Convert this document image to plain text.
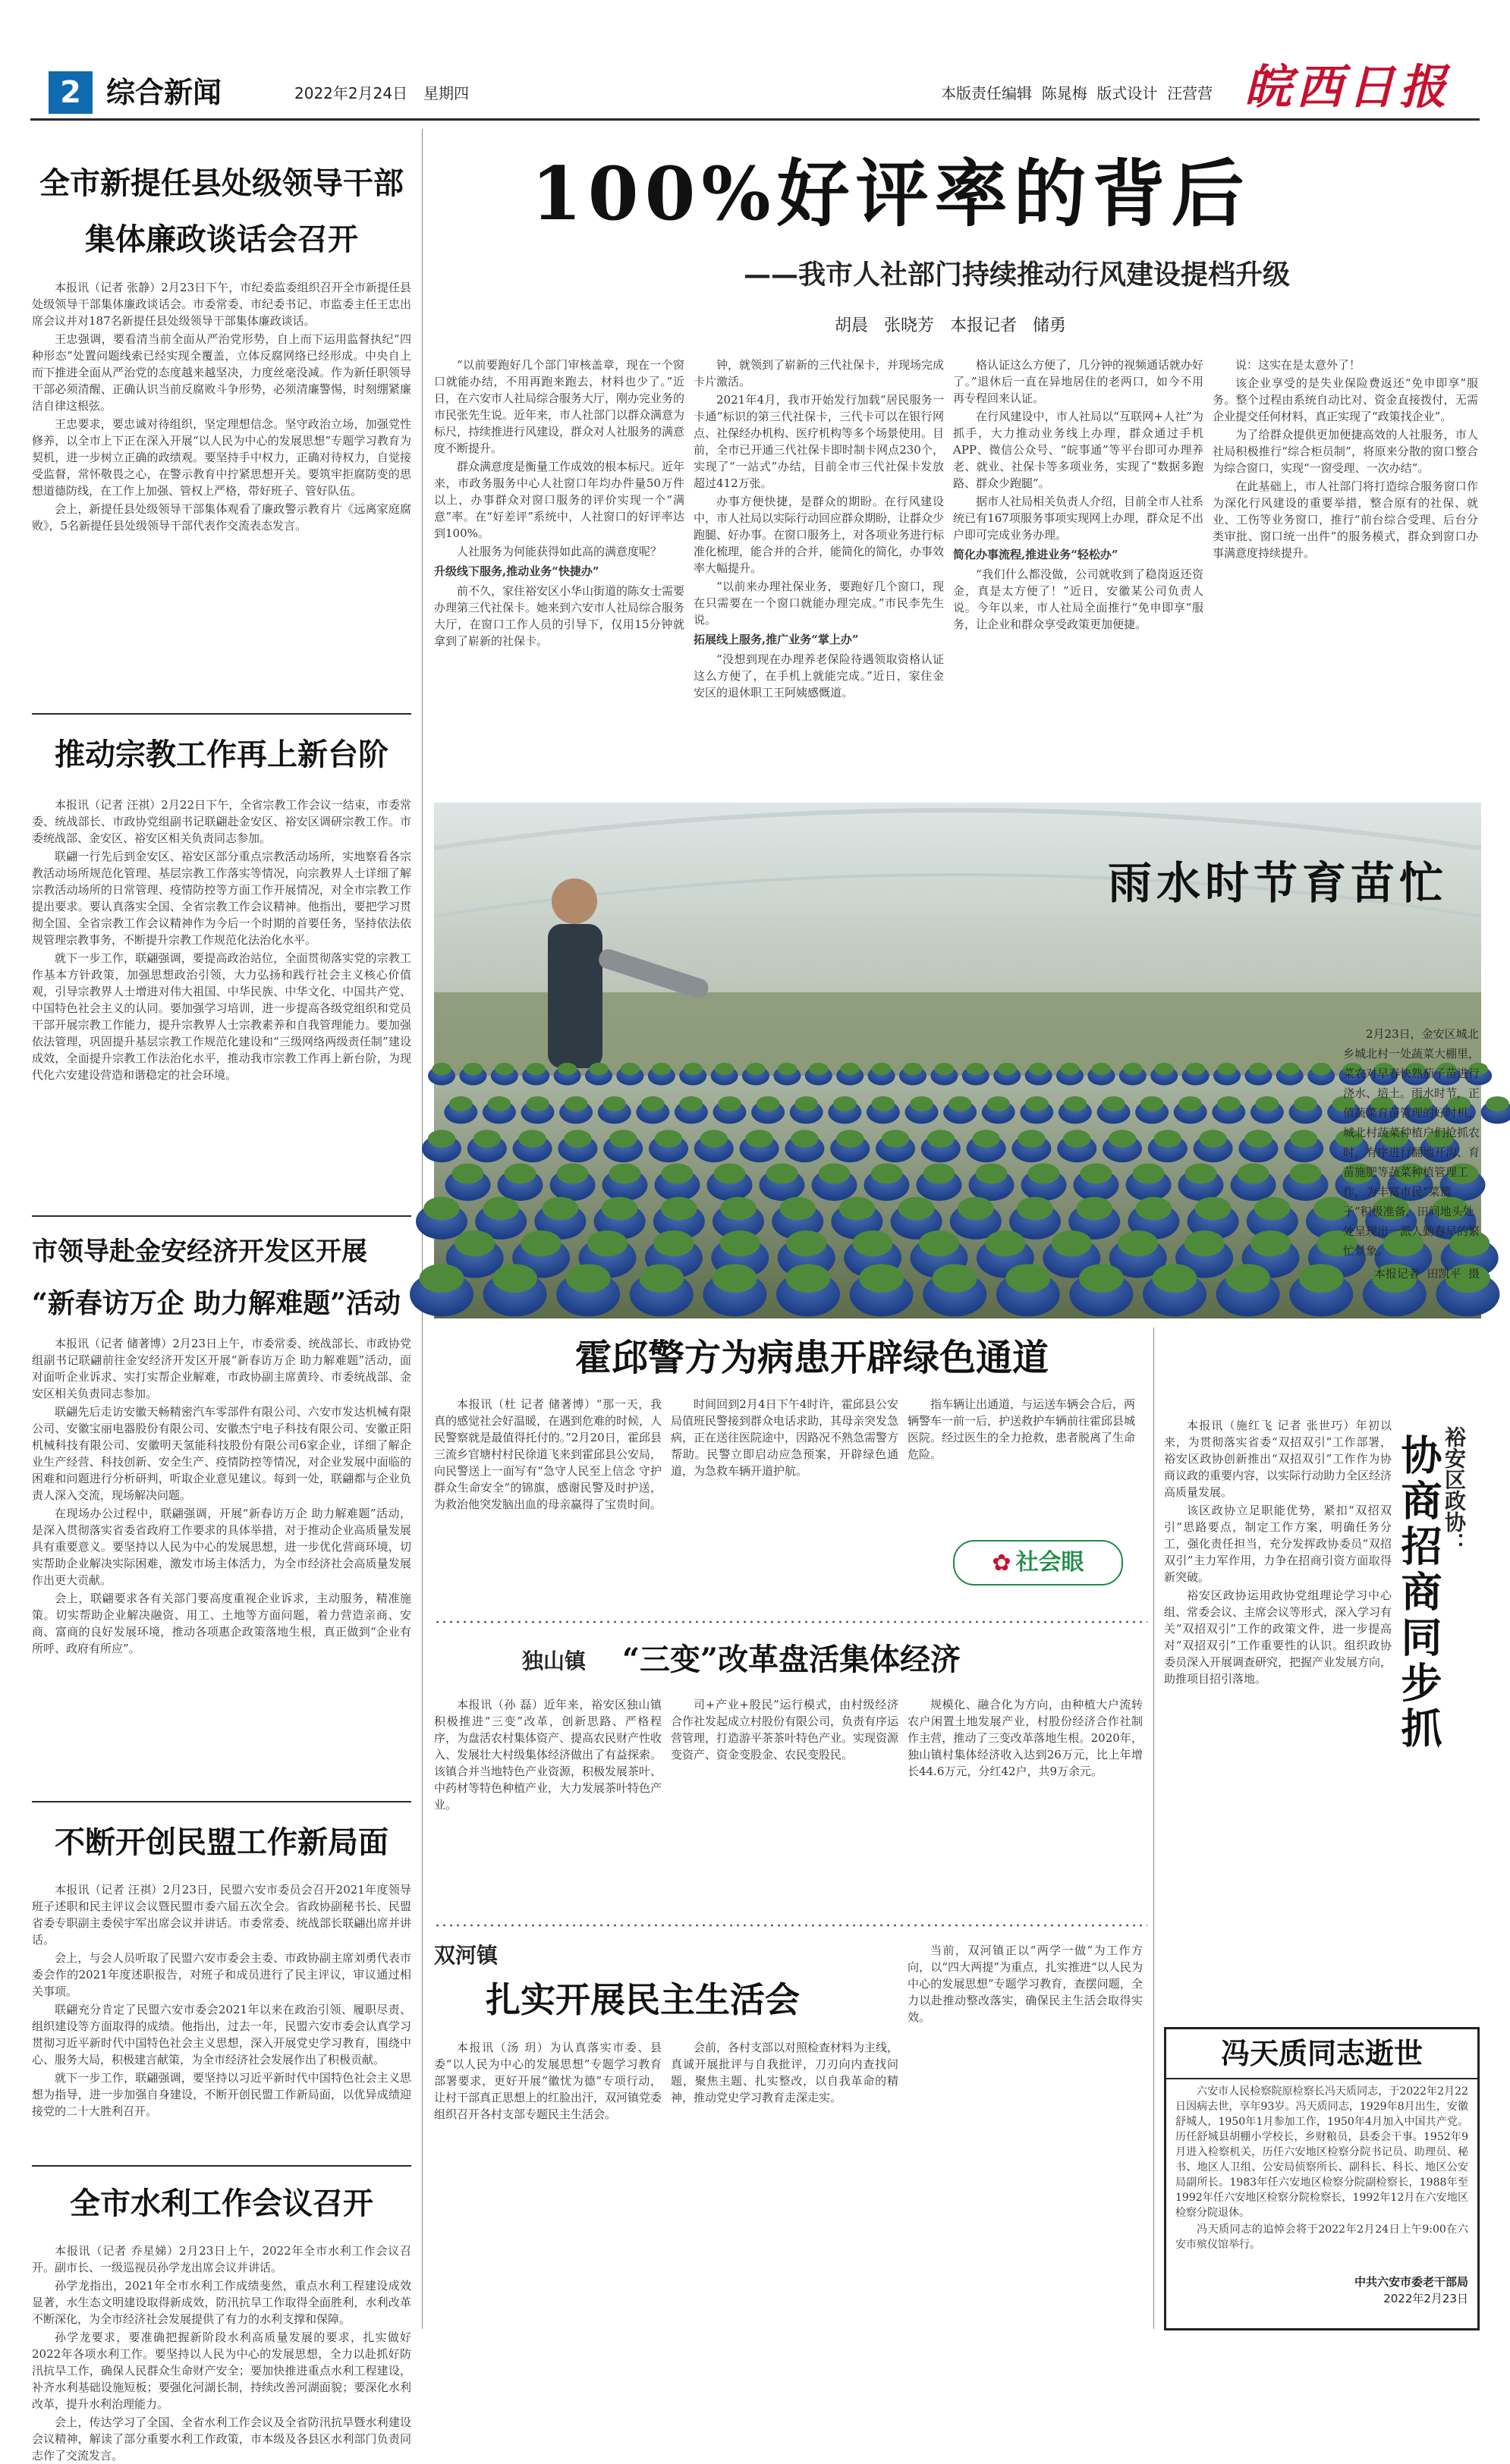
2 综合新闻	2022年2月24日 星期四	本版责任编辑  陈晁梅  版式设计  汪营营 皖西日报
全市新提任县处级领导干部
集体廉政谈话会召开

本报讯（记者 张静）2月23日下午，市纪委监委组织召开全市新提任县处级领导干部集体廉政谈话会。市委常委、市纪委书记、市监委主任王忠出席会议并对187名新提任县处级领导干部集体廉政谈话。

王忠强调，要看清当前全面从严治党形势，自上而下运用监督执纪“四种形态”处置问题线索已经实现全覆盖，立体反腐网络已经形成。中央自上而下推进全面从严治党的态度越来越坚决，力度丝毫没减。作为新任职领导干部必须清醒、正确认识当前反腐败斗争形势，必须清廉警惕，时刻绷紧廉洁自律这根弦。

王忠要求，要忠诚对待组织，坚定理想信念。坚守政治立场，加强党性修养，以全市上下正在深入开展“以人民为中心的发展思想”专题学习教育为契机，进一步树立正确的政绩观。要坚持手中权力，正确对待权力，自觉接受监督，常怀敬畏之心，在警示教育中拧紧思想开关。要筑牢拒腐防变的思想道德防线，在工作上加强、管权上严格，带好班子、管好队伍。

会上，新提任县处级领导干部集体观看了廉政警示教育片《远离家庭腐败》，5名新提任县处级领导干部代表作交流表态发言。

推动宗教工作再上新台阶

本报讯（记者 汪祺）2月22日下午，全省宗教工作会议一结束，市委常委、统战部长、市政协党组副书记联翩赴金安区、裕安区调研宗教工作。市委统战部、金安区、裕安区相关负责同志参加。

联翩一行先后到金安区、裕安区部分重点宗教活动场所，实地察看各宗教活动场所规范化管理、基层宗教工作落实等情况，向宗教界人士详细了解宗教活动场所的日常管理、疫情防控等方面工作开展情况，对全市宗教工作提出要求。要认真落实全国、全省宗教工作会议精神。他指出，要把学习贯彻全国、全省宗教工作会议精神作为今后一个时期的首要任务，坚持依法依规管理宗教事务，不断提升宗教工作规范化法治化水平。

就下一步工作，联翩强调，要提高政治站位，全面贯彻落实党的宗教工作基本方针政策，加强思想政治引领，大力弘扬和践行社会主义核心价值观，引导宗教界人士增进对伟大祖国、中华民族、中华文化、中国共产党、中国特色社会主义的认同。要加强学习培训，进一步提高各级党组织和党员干部开展宗教工作能力，提升宗教界人士宗教素养和自我管理能力。要加强依法管理，巩固提升基层宗教工作规范化建设和“三级网络两级责任制”建设成效，全面提升宗教工作法治化水平，推动我市宗教工作再上新台阶，为现代化六安建设营造和谐稳定的社会环境。

市领导赴金安经济开发区开展
“新春访万企 助力解难题”活动

本报讯（记者 储著博）2月23日上午，市委常委、统战部长、市政协党组副书记联翩前往金安经济开发区开展“新春访万企 助力解难题”活动，面对面听企业诉求、实打实帮企业解难，市政协副主席黄玲、市委统战部、金安区相关负责同志参加。

联翩先后走访安徽天畅精密汽车零部件有限公司、六安市发达机械有限公司、安徽宝丽电器股份有限公司、安徽杰宁电子科技有限公司、安徽正阳机械科技有限公司、安徽明天氢能科技股份有限公司6家企业，详细了解企业生产经营、科技创新、安全生产、疫情防控等情况，对企业发展中面临的困难和问题进行分析研判，听取企业意见建议。每到一处，联翩都与企业负责人深入交流，现场解决问题。

在现场办公过程中，联翩强调，开展“新春访万企 助力解难题”活动，是深入贯彻落实省委省政府工作要求的具体举措，对于推动企业高质量发展具有重要意义。要坚持以人民为中心的发展思想，进一步优化营商环境，切实帮助企业解决实际困难，激发市场主体活力，为全市经济社会高质量发展作出更大贡献。

会上，联翩要求各有关部门要高度重视企业诉求，主动服务，精准施策。切实帮助企业解决融资、用工、土地等方面问题，着力营造亲商、安商、富商的良好发展环境，推动各项惠企政策落地生根，真正做到“企业有所呼、政府有所应”。

不断开创民盟工作新局面

本报讯（记者 汪祺）2月23日，民盟六安市委员会召开2021年度领导班子述职和民主评议会议暨民盟市委六届五次全会。省政协副秘书长、民盟省委专职副主委侯宇军出席会议并讲话。市委常委、统战部长联翩出席并讲话。

会上，与会人员听取了民盟六安市委会主委、市政协副主席刘勇代表市委会作的2021年度述职报告，对班子和成员进行了民主评议，审议通过相关事项。

联翩充分肯定了民盟六安市委会2021年以来在政治引领、履职尽责、组织建设等方面取得的成绩。他指出，过去一年，民盟六安市委会认真学习贯彻习近平新时代中国特色社会主义思想，深入开展党史学习教育，围绕中心、服务大局，积极建言献策，为全市经济社会发展作出了积极贡献。

就下一步工作，联翩强调，要坚持以习近平新时代中国特色社会主义思想为指导，进一步加强自身建设，不断开创民盟工作新局面，以优异成绩迎接党的二十大胜利召开。

全市水利工作会议召开

本报讯（记者 乔星娣）2月23日上午，2022年全市水利工作会议召开。副市长、一级巡视员孙学龙出席会议并讲话。

孙学龙指出，2021年全市水利工作成绩斐然，重点水利工程建设成效显著，水生态文明建设取得新成效，防汛抗旱工作取得全面胜利，水利改革不断深化，为全市经济社会发展提供了有力的水利支撑和保障。

孙学龙要求，要准确把握新阶段水利高质量发展的要求，扎实做好2022年各项水利工作。要坚持以人民为中心的发展思想，全力以赴抓好防汛抗旱工作，确保人民群众生命财产安全；要加快推进重点水利工程建设，补齐水利基础设施短板；要强化河湖长制，持续改善河湖面貌；要深化水利改革，提升水利治理能力。

会上，传达学习了全国、全省水利工作会议及全省防汛抗旱暨水利建设会议精神，解读了部分重要水利工作政策，市本级及各县区水利部门负责同志作了交流发言。

100%好评率的背后
——我市人社部门持续推动行风建设提档升级
胡晨   张晓芳   本报记者   储勇

“以前要跑好几个部门审核盖章，现在一个窗口就能办结，不用再跑来跑去，材料也少了。”近日，在六安市人社局综合服务大厅，刚办完业务的市民张先生说。近年来，市人社部门以群众满意为标尺，持续推进行风建设，群众对人社服务的满意度不断提升。

群众满意度是衡量工作成效的根本标尺。近年来，市政务服务中心人社窗口年均办件量50万件以上，办事群众对窗口服务的评价实现一个“满意”率。在“好差评”系统中，人社窗口的好评率达到100%。

人社服务为何能获得如此高的满意度呢？

升级线下服务,推动业务“快捷办”

前不久，家住裕安区小华山街道的陈女士需要办理第三代社保卡。她来到六安市人社局综合服务大厅，在窗口工作人员的引导下，仅用15分钟就拿到了崭新的社保卡。

钟，就领到了崭新的三代社保卡，并现场完成卡片激活。

2021年4月，我市开始发行加载“居民服务一卡通”标识的第三代社保卡，三代卡可以在银行网点、社保经办机构、医疗机构等多个场景使用。目前，全市已开通三代社保卡即时制卡网点230个，实现了“一站式”办结，目前全市三代社保卡发放超过412万张。

办事方便快捷，是群众的期盼。在行风建设中，市人社局以实际行动回应群众期盼，让群众少跑腿、好办事。在窗口服务上，对各项业务进行标准化梳理，能合并的合并，能简化的简化，办事效率大幅提升。

“以前来办理社保业务，要跑好几个窗口，现在只需要在一个窗口就能办理完成。”市民李先生说。

拓展线上服务,推广业务“掌上办”

“没想到现在办理养老保险待遇领取资格认证这么方便了，在手机上就能完成。”近日，家住金安区的退休职工王阿姨感慨道。

格认证这么方便了，几分钟的视频通话就办好了。”退休后一直在异地居住的老两口，如今不用再专程回来认证。

在行风建设中，市人社局以“互联网+人社”为抓手，大力推动业务线上办理，群众通过手机APP、微信公众号、“皖事通”等平台即可办理养老、就业、社保卡等多项业务，实现了“数据多跑路、群众少跑腿”。

据市人社局相关负责人介绍，目前全市人社系统已有167项服务事项实现网上办理，群众足不出户即可完成业务办理。

简化办事流程,推进业务“轻松办”

“我们什么都没做，公司就收到了稳岗返还资金，真是太方便了！”近日，安徽某公司负责人说。今年以来，市人社局全面推行“免申即享”服务，让企业和群众享受政策更加便捷。

说：这实在是太意外了！

该企业享受的是失业保险费返还“免申即享”服务。整个过程由系统自动比对、资金直接拨付，无需企业提交任何材料，真正实现了“政策找企业”。

为了给群众提供更加便捷高效的人社服务，市人社局积极推行“综合柜员制”，将原来分散的窗口整合为综合窗口，实现“一窗受理、一次办结”。

在此基础上，市人社部门将打造综合服务窗口作为深化行风建设的重要举措，整合原有的社保、就业、工伤等业务窗口，推行“前台综合受理、后台分类审批、窗口统一出件”的服务模式，群众到窗口办事满意度持续提升。

雨水时节育苗忙
2月23日，金安区城北乡城北村一处蔬菜大棚里，菜农对早春快熟茄子苗进行浇水、培土。雨水时节，正值蔬菜育苗管理的好时机，城北村蔬菜种植户们抢抓农时，有序进行翻地开沟、育苗施肥等蔬菜种植管理工作，为丰富市民“菜篮子”积极准备，田间地头处处呈现出一派人勤春早的繁忙景象。
本报记者  田凯平  摄
霍邱警方为病患开辟绿色通道

本报讯（杜 记者 储著博）“那一天，我真的感觉社会好温暖，在遇到危难的时候，人民警察就是最值得托付的。”2月20日，霍邱县三流乡官塘村村民徐道飞来到霍邱县公安局，向民警送上一面写有“急守人民至上信念 守护群众生命安全”的锦旗，感谢民警及时护送，为救治他突发脑出血的母亲赢得了宝贵时间。

时间回到2月4日下午4时许，霍邱县公安局值班民警接到群众电话求助，其母亲突发急病，正在送往医院途中，因路况不熟急需警方帮助。民警立即启动应急预案，开辟绿色通道，为急救车辆开道护航。

指车辆让出通道，与运送车辆会合后，两辆警车一前一后，护送救护车辆前往霍邱县城医院。经过医生的全力抢救，患者脱离了生命危险。

✿ 社会眼
独山镇 “三变”改革盘活集体经济

本报讯（孙 磊）近年来，裕安区独山镇积极推进“三变”改革，创新思路、严格程序，为盘活农村集体资产、提高农民财产性收入、发展壮大村级集体经济做出了有益探索。该镇合并当地特色产业资源，积极发展茶叶、中药材等特色种植产业，大力发展茶叶特色产业。

司+产业+股民”运行模式，由村级经济合作社发起成立村股份有限公司，负责有序运营管理，打造游平茶茶叶特色产业。实现资源变资产、资金变股金、农民变股民。

规模化、融合化为方向，由种植大户流转农户闲置土地发展产业，村股份经济合作社制作主营，推动了三变改革落地生根。2020年，独山镇村集体经济收入达到26万元，比上年增长44.6万元，分红42户，共9万余元。

双河镇
扎实开展民主生活会

本报讯（汤 玥）为认真落实市委、县委“以人民为中心的发展思想”专题学习教育部署要求，更好开展“徽忧为德”专项行动，让村干部真正思想上的红脸出汗，双河镇党委组织召开各村支部专题民主生活会。

会前，各村支部以对照检查材料为主线，真诚开展批评与自我批评，刀刃向内查找问题，聚焦主题、扎实整改，以自我革命的精神，推动党史学习教育走深走实。

当前，双河镇正以“两学一做”为工作方向，以“四大两提”为重点，扎实推进“以人民为中心的发展思想”专题学习教育，查摆问题，全力以赴推动整改落实，确保民主生活会取得实效。

本报讯（施红飞 记者 张世巧）年初以来，为贯彻落实省委“双招双引”工作部署，裕安区政协创新推出“双招双引”工作作为协商议政的重要内容，以实际行动助力全区经济高质量发展。

该区政协立足职能优势，紧扣“双招双引”思路要点，制定工作方案，明确任务分工，强化责任担当，充分发挥政协委员“双招双引”主力军作用，力争在招商引资方面取得新突破。

裕安区政协运用政协党组理论学习中心组、常委会议、主席会议等形式，深入学习有关“双招双引”工作的政策文件，进一步提高对“双招双引”工作重要性的认识。组织政协委员深入开展调查研究，把握产业发展方向，助推项目招引落地。

裕安区政协：
协商招商同步抓
冯天质同志逝世

六安市人民检察院原检察长冯天质同志，于2022年2月22日因病去世，享年93岁。冯天质同志，1929年8月出生，安徽舒城人，1950年1月参加工作，1950年4月加入中国共产党。历任舒城县胡棚小学校长，乡财粮员，县委会干事。1952年9月进入检察机关，历任六安地区检察分院书记员、助理员、秘书、地区人卫组、公安局侦察所长、副科长、科长、地区公安局副所长。1983年任六安地区检察分院副检察长，1988年至1992年任六安地区检察分院检察长，1992年12月在六安地区检察分院退休。

冯天质同志的追悼会将于2022年2月24日上午9:00在六安市殡仪馆举行。

中共六安市委老干部局
2022年2月23日
